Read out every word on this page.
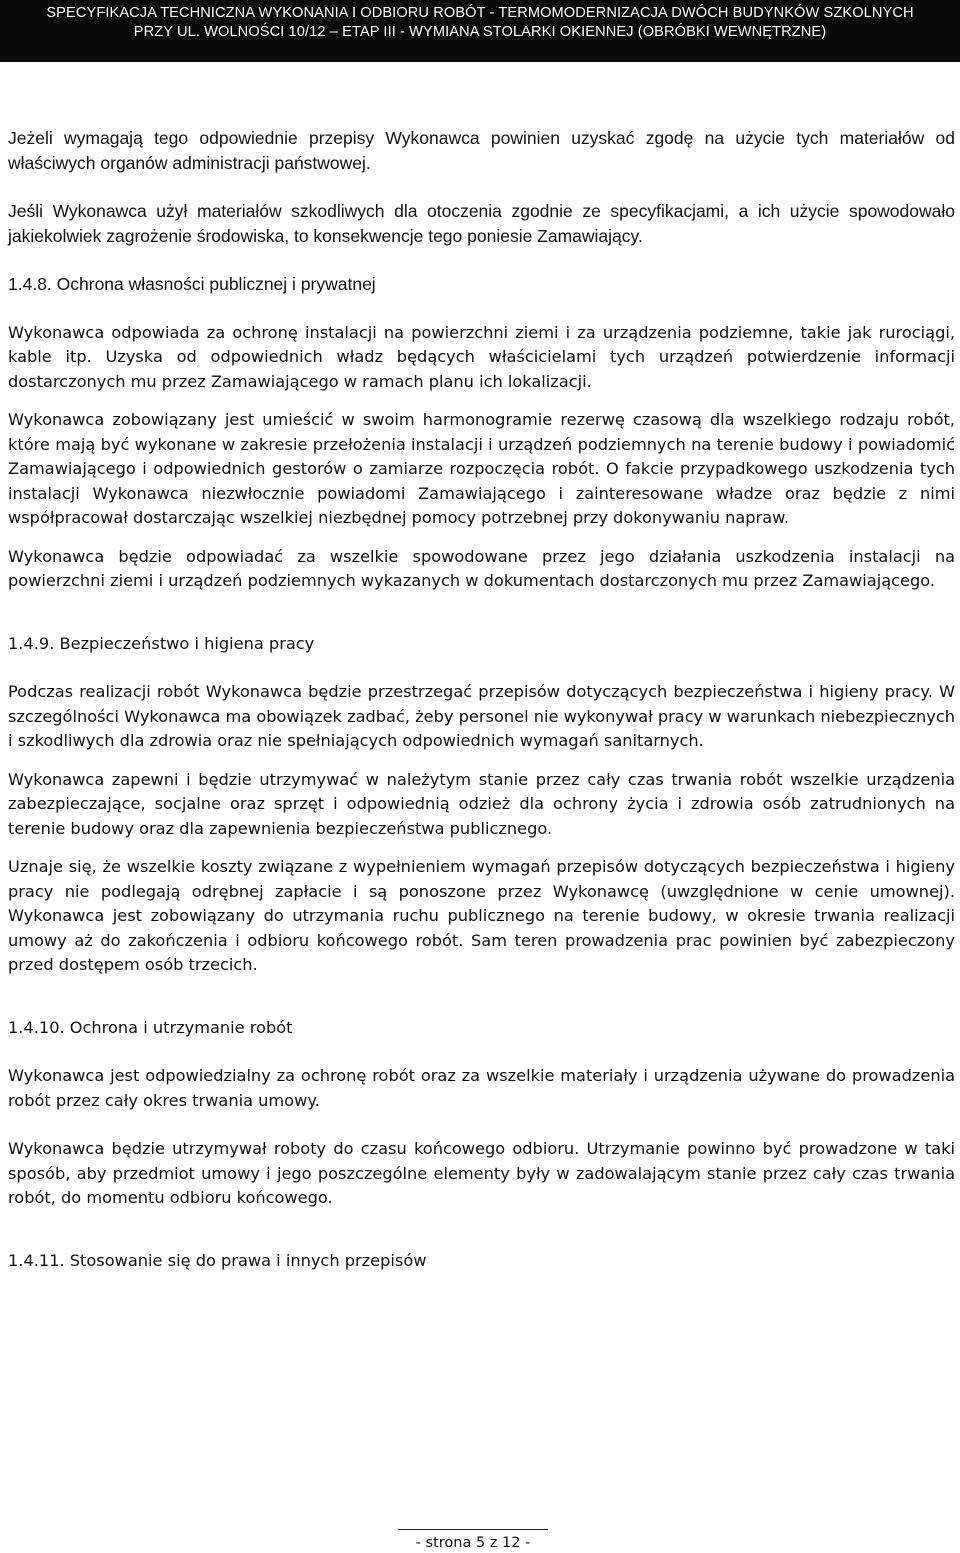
SPECYFIKACJA TECHNICZNA WYKONANIA I ODBIORU ROBÓT - TERMOMODERNIZACJA DWÓCH BUDYNKÓW SZKOLNYCH
PRZY UL. WOLNOŚCI 10/12 – ETAP III - WYMIANA STOLARKI OKIENNEJ (OBRÓBKI WEWNĘTRZNE)

Jeżeli wymagają tego odpowiednie przepisy Wykonawca powinien uzyskać zgodę na użycie tych materiałów od właściwych organów administracji państwowej.

Jeśli Wykonawca użył materiałów szkodliwych dla otoczenia zgodnie ze specyfikacjami, a ich użycie spowodowało jakiekolwiek zagrożenie środowiska, to konsekwencje tego poniesie Zamawiający.

1.4.8. Ochrona własności publicznej i prywatnej

Wykonawca odpowiada za ochronę instalacji na powierzchni ziemi i za urządzenia podziemne, takie jak rurociągi, kable itp. Uzyska od odpowiednich władz będących właścicielami tych urządzeń potwierdzenie informacji dostarczonych mu przez Zamawiającego w ramach planu ich lokalizacji.

Wykonawca zobowiązany jest umieścić w swoim harmonogramie rezerwę czasową dla wszelkiego rodzaju robót, które mają być wykonane w zakresie przełożenia instalacji i urządzeń podziemnych na terenie budowy i powiadomić Zamawiającego i odpowiednich gestorów o zamiarze rozpoczęcia robót. O fakcie przypadkowego uszkodzenia tych instalacji Wykonawca niezwłocznie powiadomi Zamawiającego i zainteresowane władze oraz będzie z nimi współpracował dostarczając wszelkiej niezbędnej pomocy potrzebnej przy dokonywaniu napraw.

Wykonawca będzie odpowiadać za wszelkie spowodowane przez jego działania uszkodzenia instalacji na powierzchni ziemi i urządzeń podziemnych wykazanych w dokumentach dostarczonych mu przez Zamawiającego.

1.4.9. Bezpieczeństwo i higiena pracy

Podczas realizacji robót Wykonawca będzie przestrzegać przepisów dotyczących bezpieczeństwa i higieny pracy. W szczególności Wykonawca ma obowiązek zadbać, żeby personel nie wykonywał pracy w warunkach niebezpiecznych i szkodliwych dla zdrowia oraz nie spełniających odpowiednich wymagań sanitarnych.

Wykonawca zapewni i będzie utrzymywać w należytym stanie przez cały czas trwania robót wszelkie urządzenia zabezpieczające, socjalne oraz sprzęt i odpowiednią odzież dla ochrony życia i zdrowia osób zatrudnionych na terenie budowy oraz dla zapewnienia bezpieczeństwa publicznego.

Uznaje się, że wszelkie koszty związane z wypełnieniem wymagań przepisów dotyczących bezpieczeństwa i higieny pracy nie podlegają odrębnej zapłacie i są ponoszone przez Wykonawcę (uwzględnione w cenie umownej). Wykonawca jest zobowiązany do utrzymania ruchu publicznego na terenie budowy, w okresie trwania realizacji umowy aż do zakończenia i odbioru końcowego robót. Sam teren prowadzenia prac powinien być zabezpieczony przed dostępem osób trzecich.

1.4.10. Ochrona i utrzymanie robót

Wykonawca jest odpowiedzialny za ochronę robót oraz za wszelkie materiały i urządzenia używane do prowadzenia robót przez cały okres trwania umowy.

Wykonawca będzie utrzymywał roboty do czasu końcowego odbioru. Utrzymanie powinno być prowadzone w taki sposób, aby przedmiot umowy i jego poszczególne elementy były w zadowalającym stanie przez cały czas trwania robót, do momentu odbioru końcowego.

1.4.11. Stosowanie się do prawa i innych przepisów

- strona 5 z 12 -
